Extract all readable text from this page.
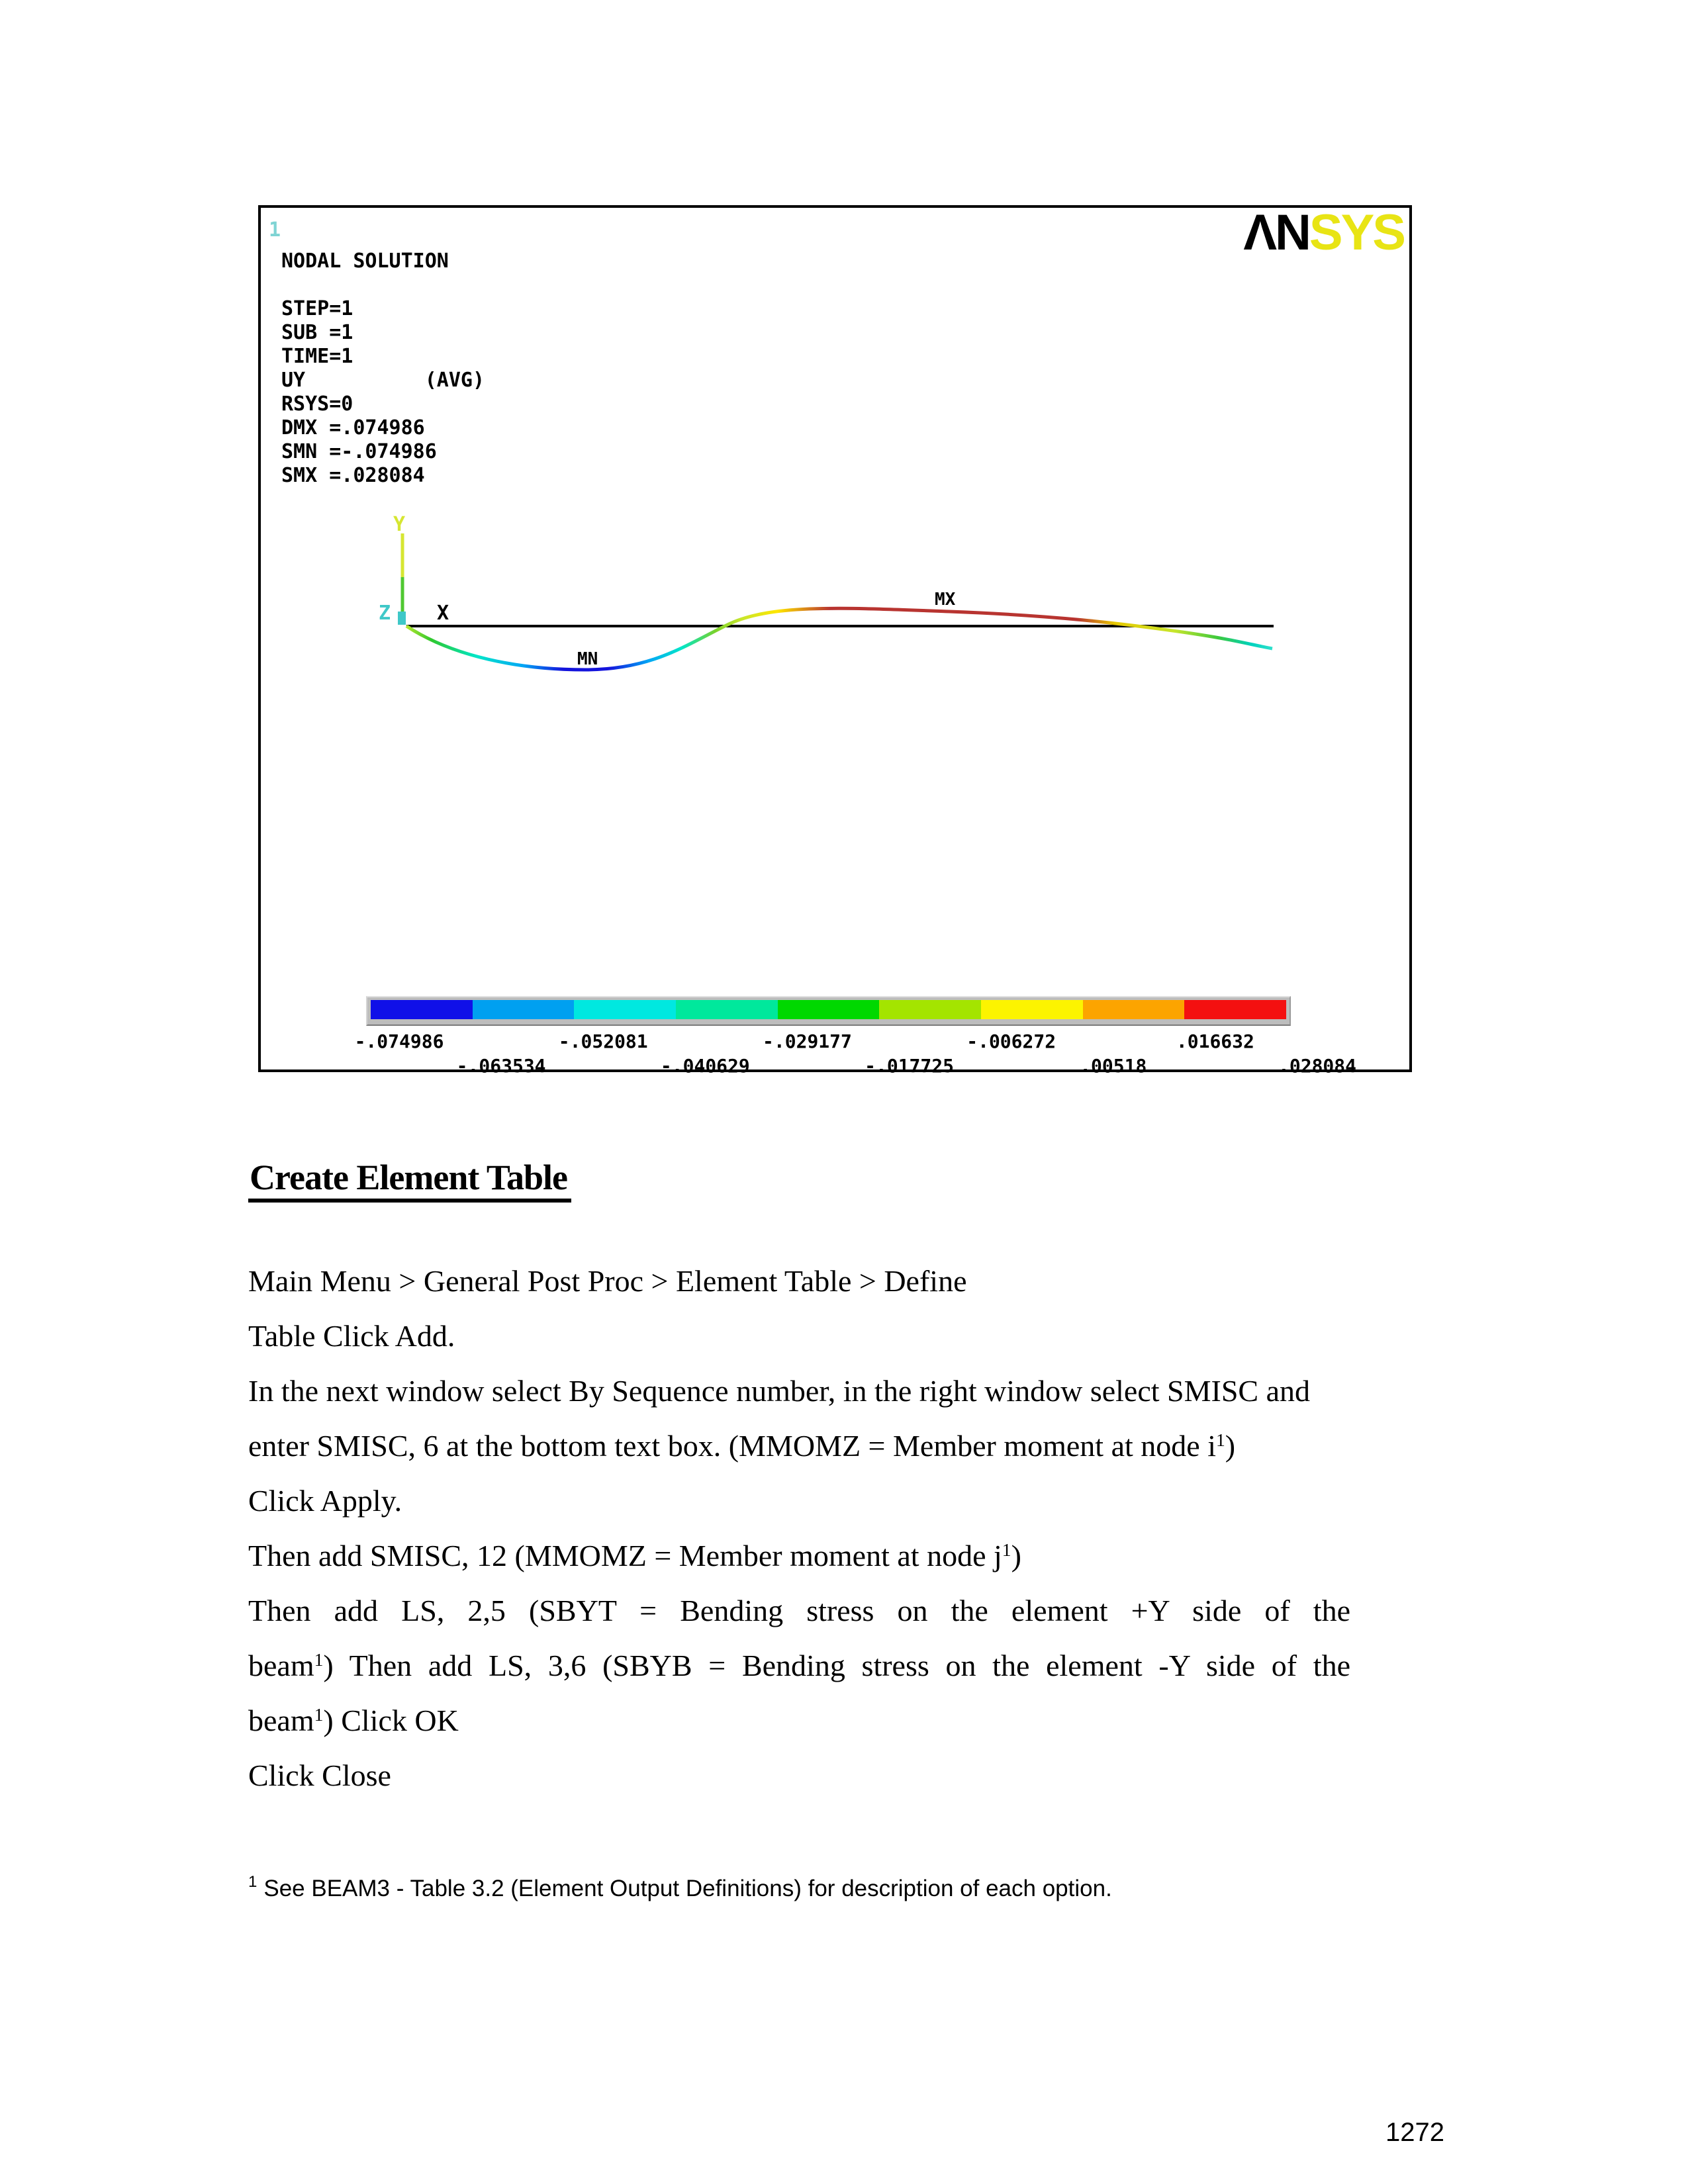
1
NODAL SOLUTION

STEP=1
SUB =1
TIME=1
UY          (AVG)
RSYS=0
DMX =.074986
SMN =-.074986
SMX =.028084
ΛNSYS
Y
Z X
MN
MX
-.074986	-.052081	-.029177	-.006272	.016632
-.063534	-.040629	-.017725	.00518	.028084
Create Element Table
Main Menu > General Post Proc > Element Table > Define
Table Click Add.
In the next window select By Sequence number, in the right window select SMISC and
enter SMISC, 6 at the bottom text box. (MMOMZ = Member moment at node $i^1$)
Click Apply.
Then add SMISC, 12 (MMOMZ = Member moment at node $j^1$)
Then add LS, 2,5 (SBYT = Bending stress on the element +Y side of the
beam$^1$) Then add LS, 3,6 (SBYB = Bending stress on the element -Y side of the
beam$^1$) Click OK
Click Close
$^1$ See BEAM3 - Table 3.2 (Element Output Definitions) for description of each option.
1272
